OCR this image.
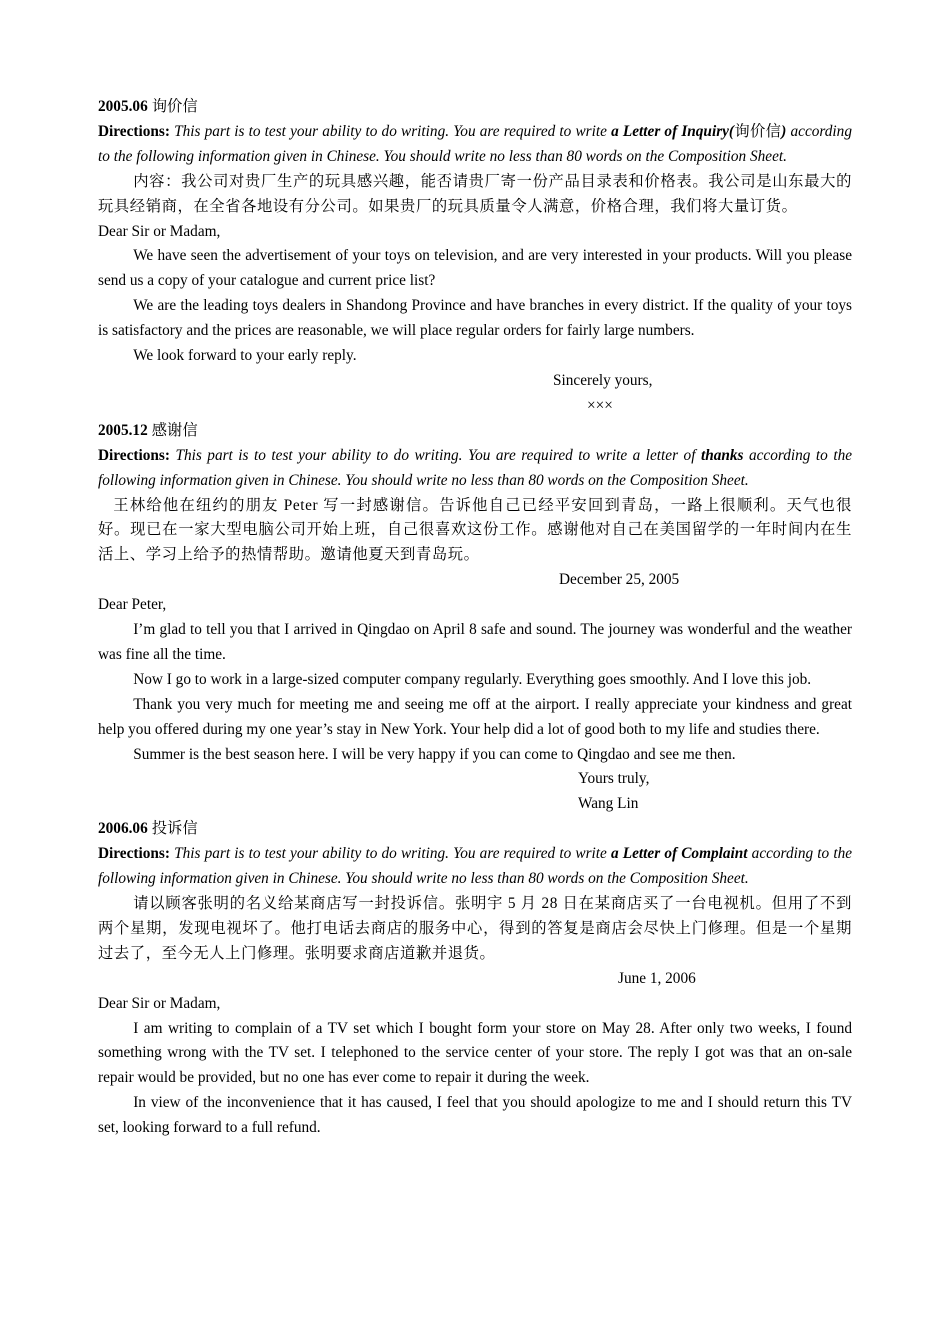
2005.06 询价信
Directions: This part is to test your ability to do writing. You are required to write a Letter of Inquiry(询价信) according to the following information given in Chinese. You should write no less than 80 words on the Composition Sheet.
内容：我公司对贵厂生产的玩具感兴趣，能否请贵厂寄一份产品目录表和价格表。我公司是山东最大的玩具经销商，在全省各地设有分公司。如果贵厂的玩具质量令人满意，价格合理，我们将大量订货。
Dear Sir or Madam,
We have seen the advertisement of your toys on television, and are very interested in your products. Will you please send us a copy of your catalogue and current price list?
We are the leading toys dealers in Shandong Province and have branches in every district. If the quality of your toys is satisfactory and the prices are reasonable, we will place regular orders for fairly large numbers.
We look forward to your early reply.
Sincerely yours,
×××
2005.12 感谢信
Directions: This part is to test your ability to do writing. You are required to write a letter of thanks according to the following information given in Chinese. You should write no less than 80 words on the Composition Sheet.
王林给他在纽约的朋友 Peter 写一封感谢信。告诉他自己已经平安回到青岛，一路上很顺利。天气也很好。现已在一家大型电脑公司开始上班，自己很喜欢这份工作。感谢他对自己在美国留学的一年时间内在生活上、学习上给予的热情帮助。邀请他夏天到青岛玩。
December 25, 2005
Dear Peter,
I’m glad to tell you that I arrived in Qingdao on April 8 safe and sound. The journey was wonderful and the weather was fine all the time.
Now I go to work in a large-sized computer company regularly. Everything goes smoothly. And I love this job.
Thank you very much for meeting me and seeing me off at the airport. I really appreciate your kindness and great help you offered during my one year’s stay in New York. Your help did a lot of good both to my life and studies there.
Summer is the best season here. I will be very happy if you can come to Qingdao and see me then.
Yours truly,
Wang Lin
2006.06 投诉信
Directions: This part is to test your ability to do writing. You are required to write a Letter of Complaint according to the following information given in Chinese. You should write no less than 80 words on the Composition Sheet.
请以顾客张明的名义给某商店写一封投诉信。张明宇 5 月 28 日在某商店买了一台电视机。但用了不到两个星期，发现电视坏了。他打电话去商店的服务中心，得到的答复是商店会尽快上门修理。但是一个星期过去了，至今无人上门修理。张明要求商店道歉并退货。
June 1, 2006
Dear Sir or Madam,
I am writing to complain of a TV set which I bought form your store on May 28. After only two weeks, I found something wrong with the TV set. I telephoned to the service center of your store. The reply I got was that an on-sale repair would be provided, but no one has ever come to repair it during the week.
In view of the inconvenience that it has caused, I feel that you should apologize to me and I should return this TV set, looking forward to a full refund.
